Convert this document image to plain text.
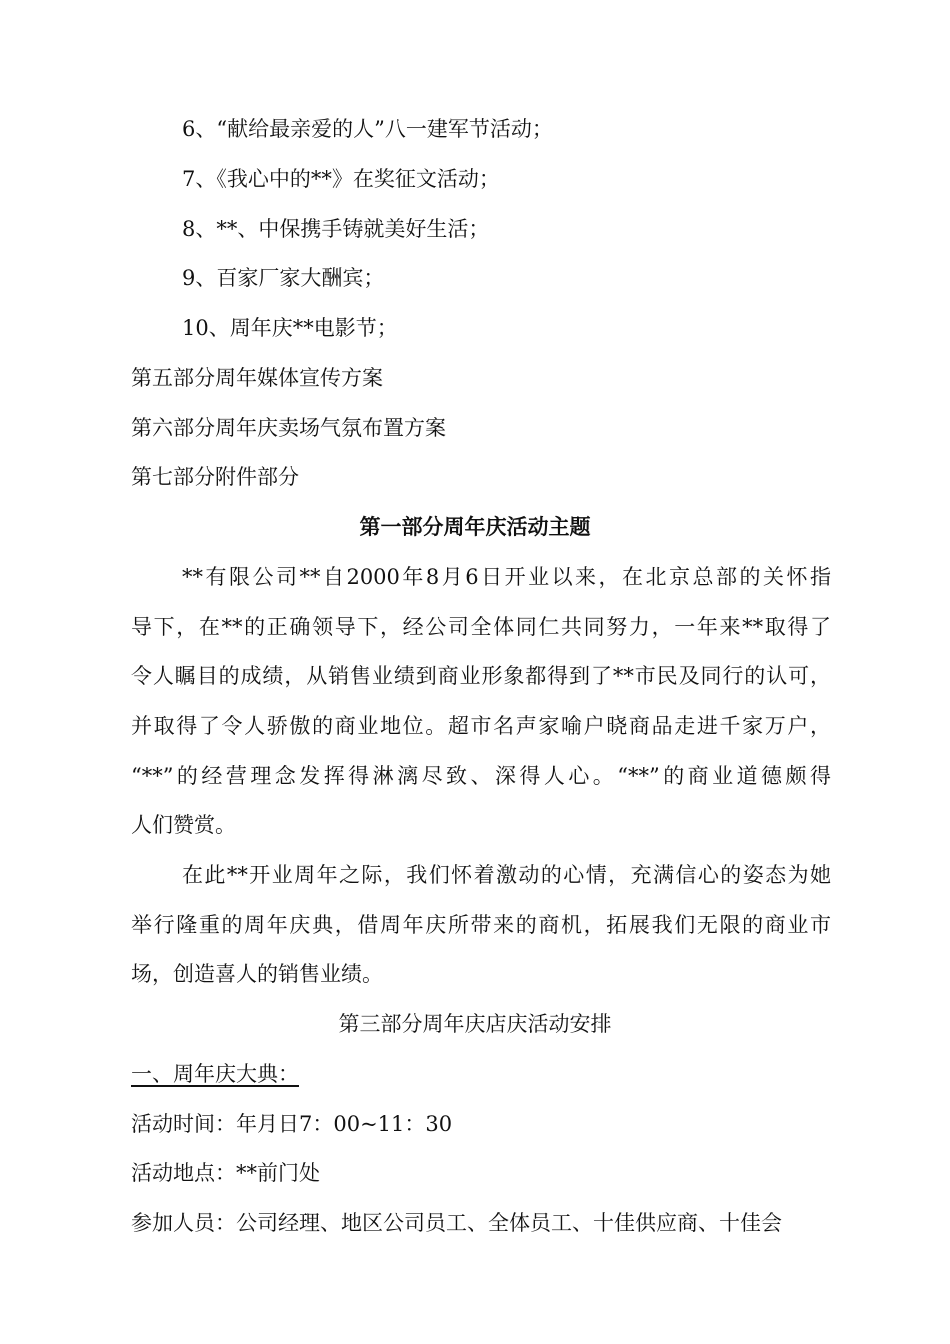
6、“献给最亲爱的人”八一建军节活动；
7、《我心中的**》在奖征文活动；
8、**、中保携手铸就美好生活；
9、百家厂家大酬宾；
10、周年庆**电影节；
第五部分周年媒体宣传方案
第六部分周年庆卖场气氛布置方案
第七部分附件部分
第一部分周年庆活动主题
**有限公司**自2000年8月6日开业以来，在北京总部的关怀指
导下，在**的正确领导下，经公司全体同仁共同努力，一年来**取得了
令人瞩目的成绩，从销售业绩到商业形象都得到了**市民及同行的认可，
并取得了令人骄傲的商业地位。超市名声家喻户晓商品走进千家万户，
“**”的经营理念发挥得淋漓尽致、深得人心。“**”的商业道德颇得
人们赞赏。
在此**开业周年之际，我们怀着激动的心情，充满信心的姿态为她
举行隆重的周年庆典，借周年庆所带来的商机，拓展我们无限的商业市
场，创造喜人的销售业绩。
第三部分周年庆店庆活动安排
一、周年庆大典：
活动时间：年月日7：00~11：30
活动地点：**前门处
参加人员：公司经理、地区公司员工、全体员工、十佳供应商、十佳会
